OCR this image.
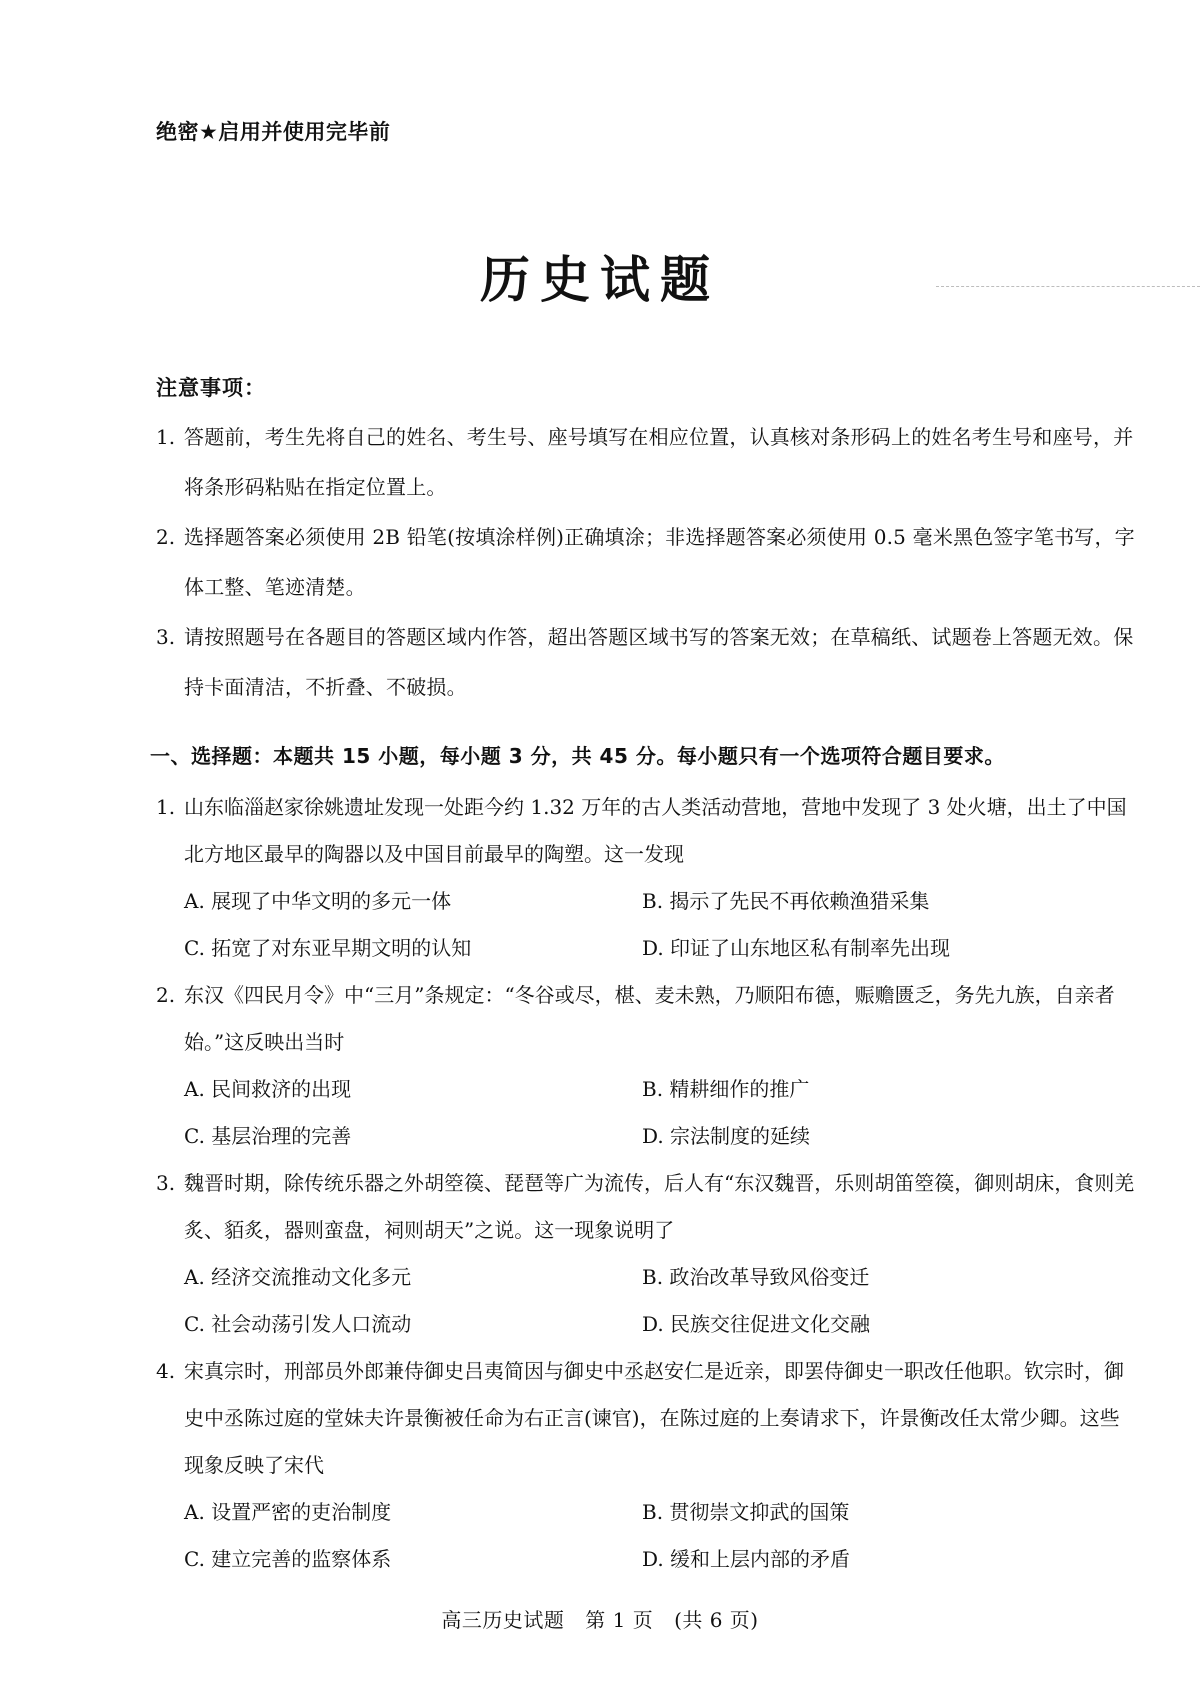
绝密★启用并使用完毕前
历史试题
注意事项：

1. 答题前，考生先将自己的姓名、考生号、座号填写在相应位置，认真核对条形码上的姓名考生号和座号，并将条形码粘贴在指定位置上。

2. 选择题答案必须使用 2B 铅笔(按填涂样例)正确填涂；非选择题答案必须使用 0.5 毫米黑色签字笔书写，字体工整、笔迹清楚。

3. 请按照题号在各题目的答题区域内作答，超出答题区域书写的答案无效；在草稿纸、试题卷上答题无效。保持卡面清洁，不折叠、不破损。

一、选择题：本题共 15 小题，每小题 3 分，共 45 分。每小题只有一个选项符合题目要求。
1. 山东临淄赵家徐姚遗址发现一处距今约 1.32 万年的古人类活动营地，营地中发现了 3 处火塘，出土了中国北方地区最早的陶器以及中国目前最早的陶塑。这一发现
A. 展现了中华文明的多元一体	B. 揭示了先民不再依赖渔猎采集
C. 拓宽了对东亚早期文明的认知	D. 印证了山东地区私有制率先出现
2. 东汉《四民月令》中“三月”条规定：“冬谷或尽，椹、麦未熟，乃顺阳布德，赈赡匮乏，务先九族，自亲者始。”这反映出当时
A. 民间救济的出现	B. 精耕细作的推广
C. 基层治理的完善	D. 宗法制度的延续
3. 魏晋时期，除传统乐器之外胡箜篌、琵琶等广为流传，后人有“东汉魏晋，乐则胡笛箜篌，御则胡床，食则羌炙、貊炙，器则蛮盘，祠则胡天”之说。这一现象说明了
A. 经济交流推动文化多元	B. 政治改革导致风俗变迁
C. 社会动荡引发人口流动	D. 民族交往促进文化交融
4. 宋真宗时，刑部员外郎兼侍御史吕夷简因与御史中丞赵安仁是近亲，即罢侍御史一职改任他职。钦宗时，御史中丞陈过庭的堂妹夫许景衡被任命为右正言(谏官)，在陈过庭的上奏请求下，许景衡改任太常少卿。这些现象反映了宋代
A. 设置严密的吏治制度	B. 贯彻崇文抑武的国策
C. 建立完善的监察体系	D. 缓和上层内部的矛盾
高三历史试题 第 1 页 (共 6 页)
